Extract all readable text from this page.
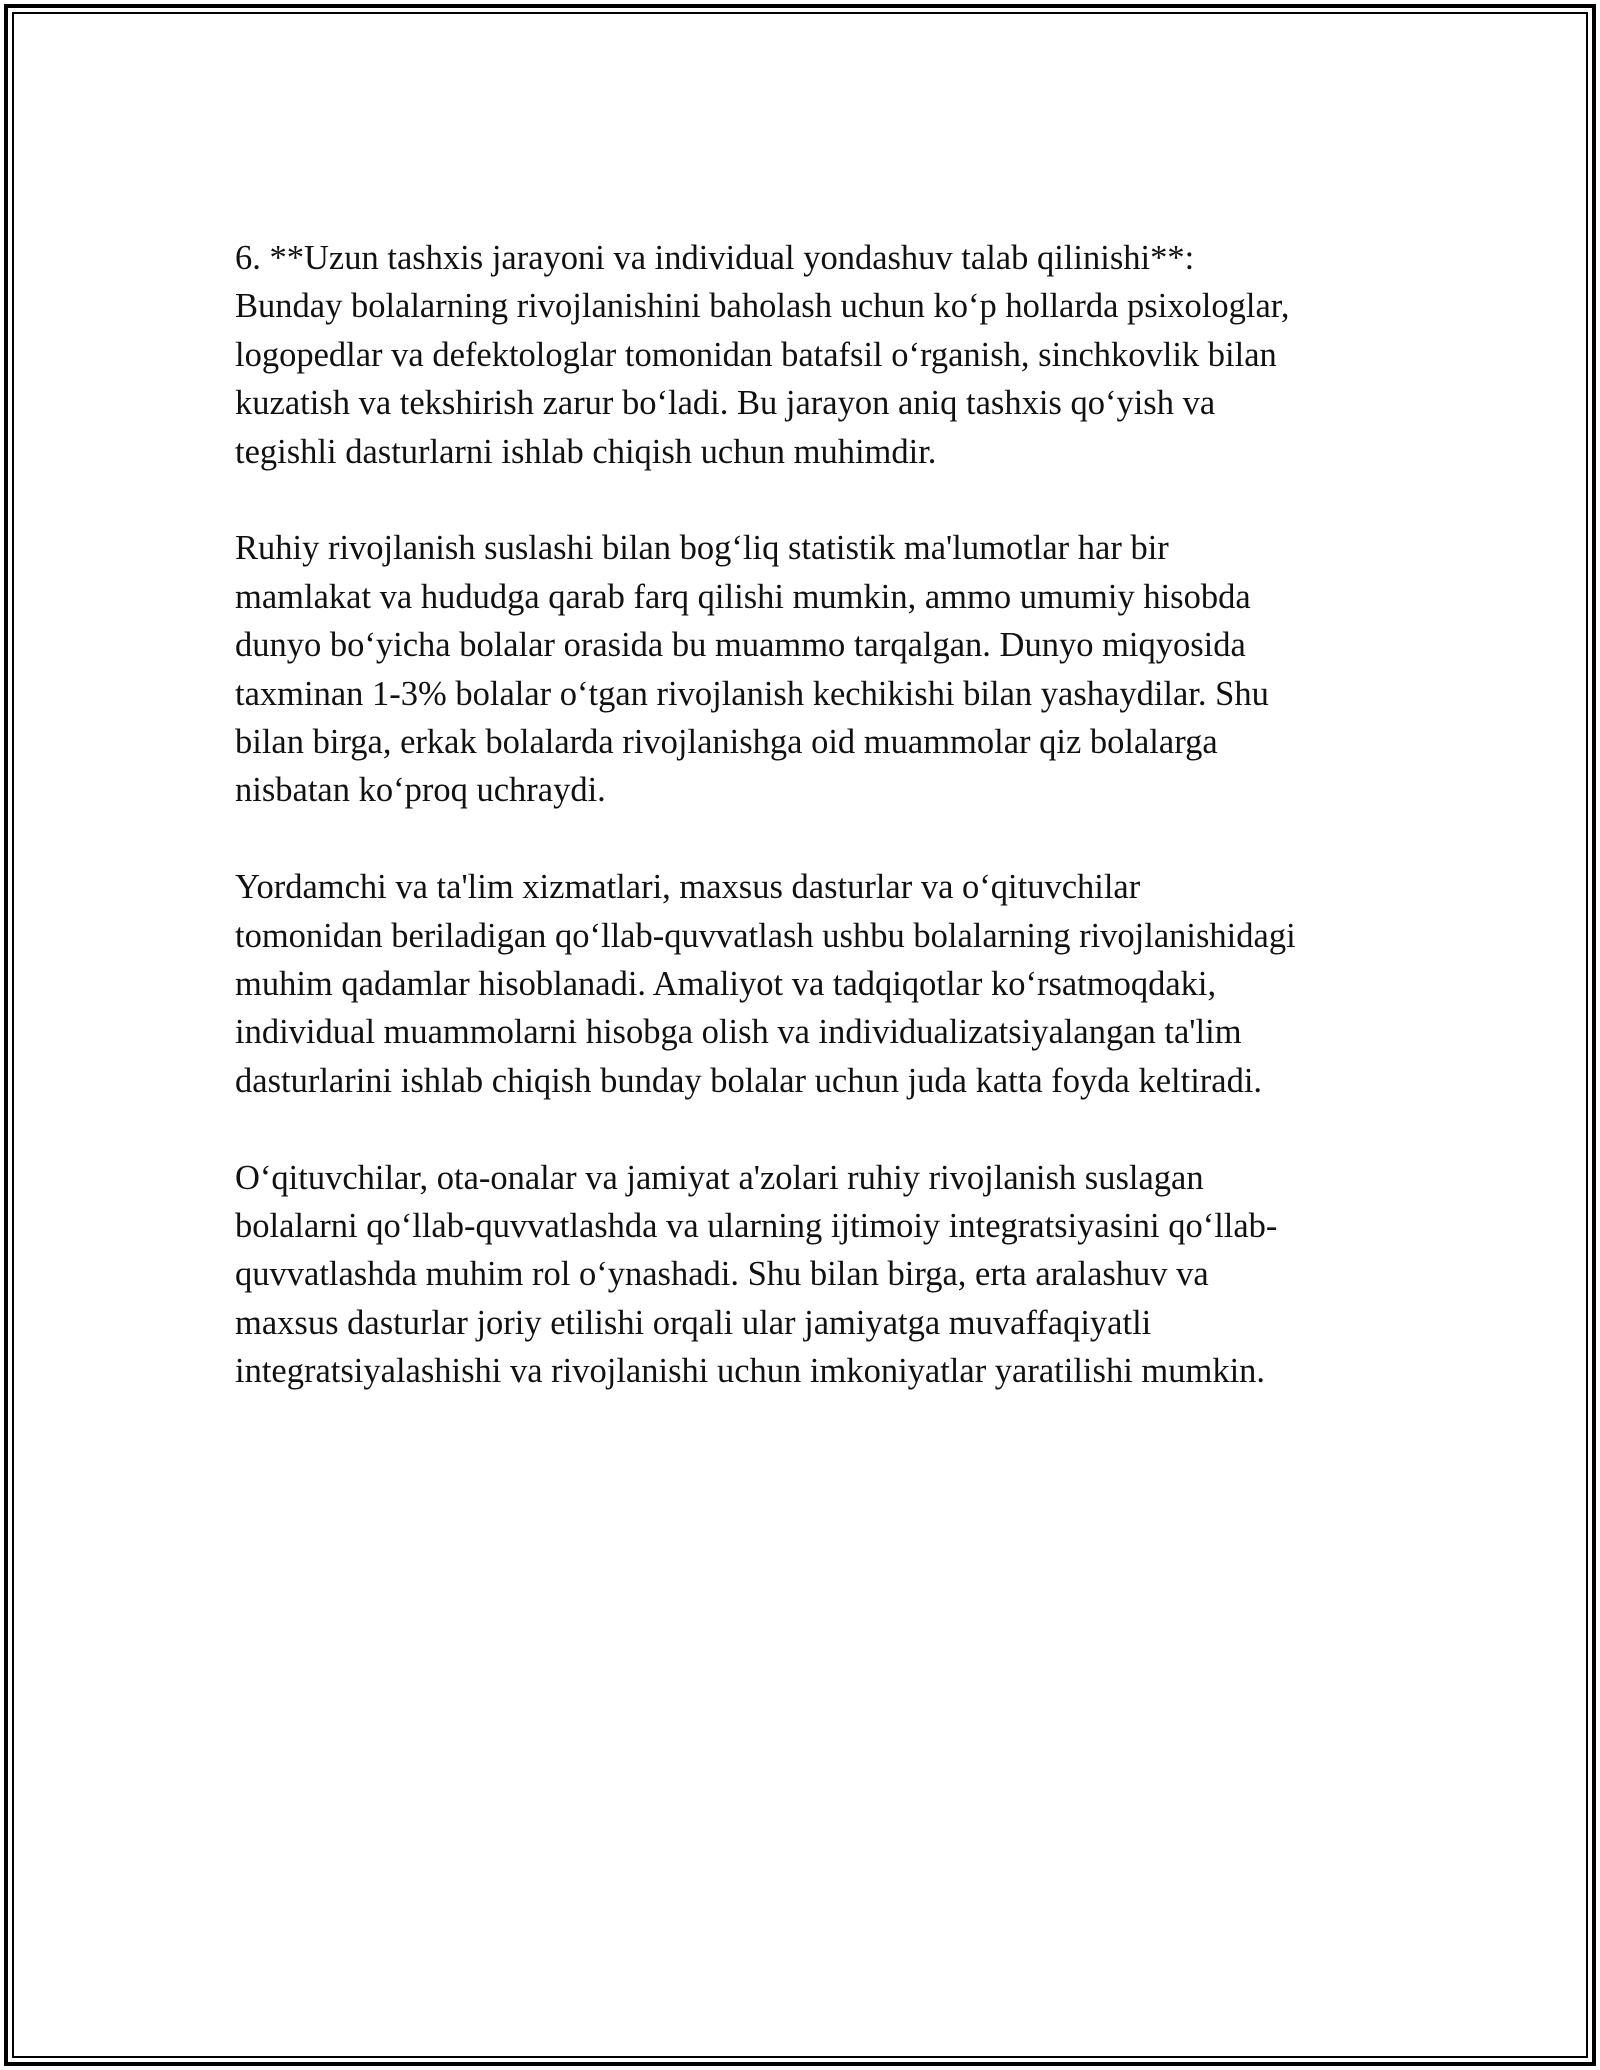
6. **Uzun tashxis jarayoni va individual yondashuv talab qilinishi**:
Bunday bolalarning rivojlanishini baholash uchun ko‘p hollarda psixologlar,
logopedlar va defektologlar tomonidan batafsil o‘rganish, sinchkovlik bilan
kuzatish va tekshirish zarur bo‘ladi. Bu jarayon aniq tashxis qo‘yish va
tegishli dasturlarni ishlab chiqish uchun muhimdir.

Ruhiy rivojlanish suslashi bilan bog‘liq statistik ma'lumotlar har bir
mamlakat va hududga qarab farq qilishi mumkin, ammo umumiy hisobda
dunyo bo‘yicha bolalar orasida bu muammo tarqalgan. Dunyo miqyosida
taxminan 1-3% bolalar o‘tgan rivojlanish kechikishi bilan yashaydilar. Shu
bilan birga, erkak bolalarda rivojlanishga oid muammolar qiz bolalarga
nisbatan ko‘proq uchraydi.

Yordamchi va ta'lim xizmatlari, maxsus dasturlar va o‘qituvchilar
tomonidan beriladigan qo‘llab-quvvatlash ushbu bolalarning rivojlanishidagi
muhim qadamlar hisoblanadi. Amaliyot va tadqiqotlar ko‘rsatmoqdaki,
individual muammolarni hisobga olish va individualizatsiyalangan ta'lim
dasturlarini ishlab chiqish bunday bolalar uchun juda katta foyda keltiradi.

O‘qituvchilar, ota-onalar va jamiyat a'zolari ruhiy rivojlanish suslagan
bolalarni qo‘llab-quvvatlashda va ularning ijtimoiy integratsiyasini qo‘llab-
quvvatlashda muhim rol o‘ynashadi. Shu bilan birga, erta aralashuv va
maxsus dasturlar joriy etilishi orqali ular jamiyatga muvaffaqiyatli
integratsiyalashishi va rivojlanishi uchun imkoniyatlar yaratilishi mumkin.
